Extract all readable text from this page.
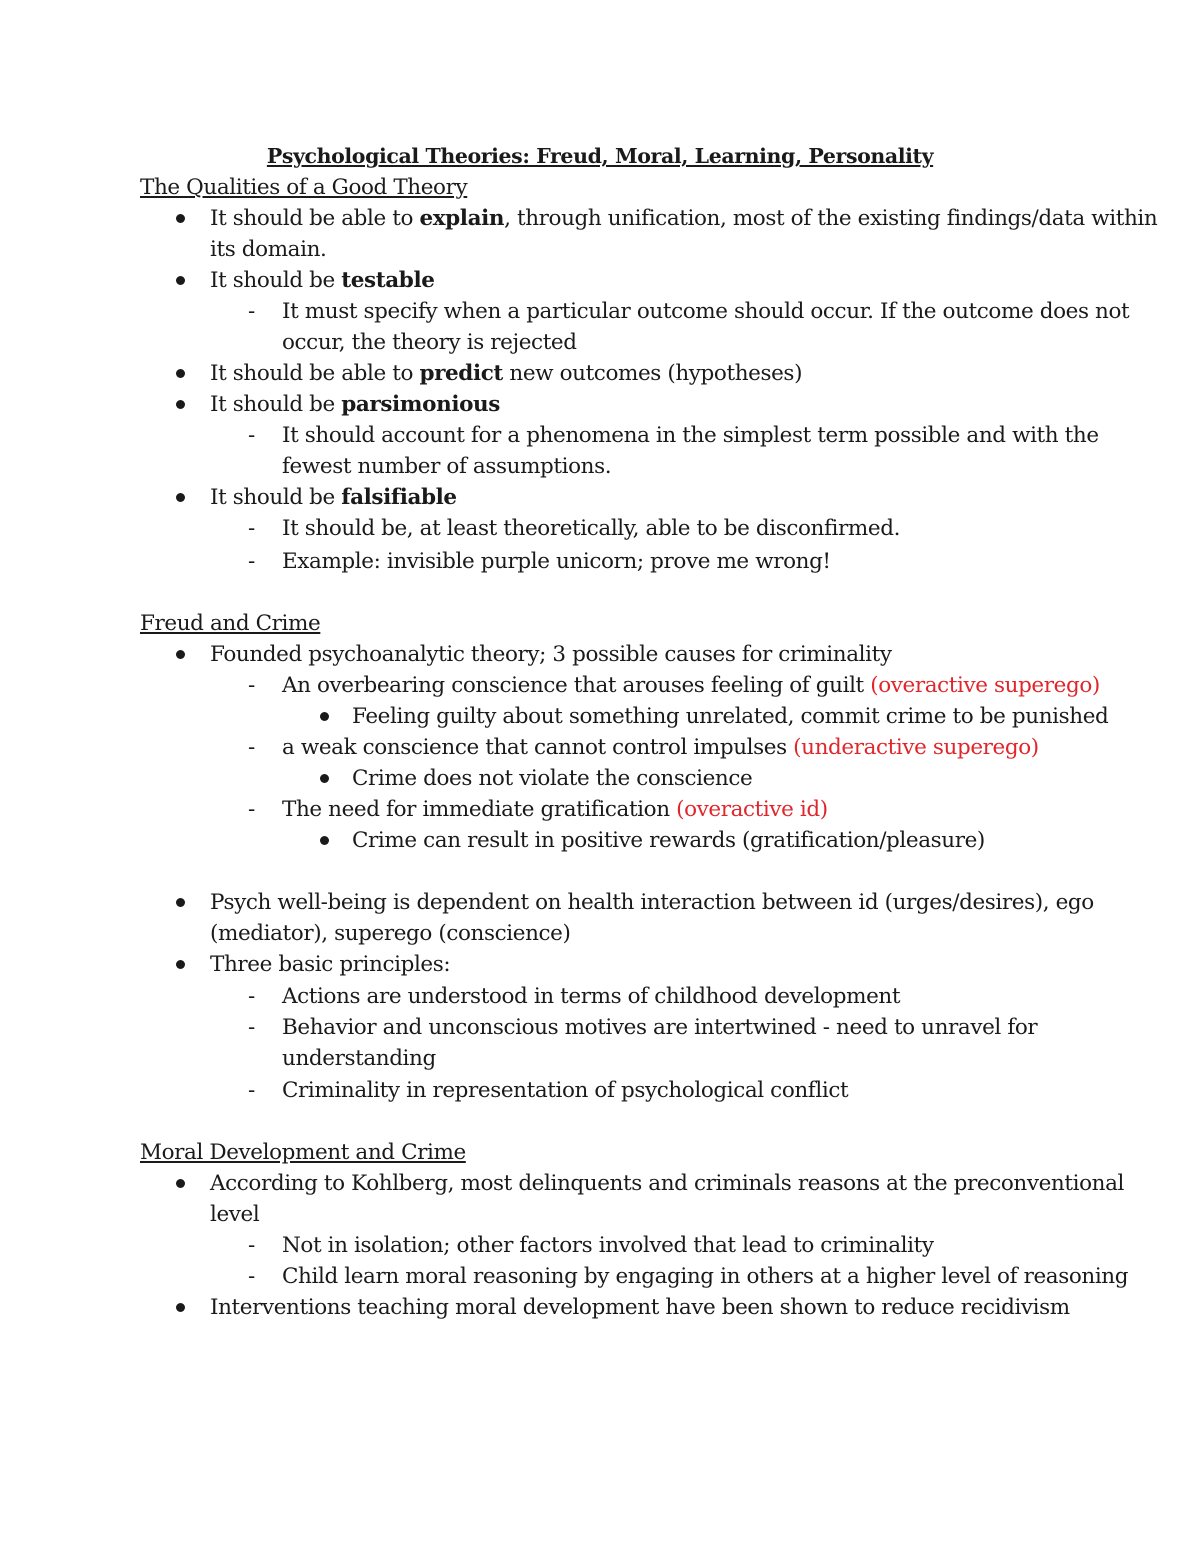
Psychological Theories: Freud, Moral, Learning, Personality
The Qualities of a Good Theory
It should be able to explain, through unification, most of the existing findings/data within
its domain.
It should be testable
- It must specify when a particular outcome should occur. If the outcome does not
occur, the theory is rejected
It should be able to predict new outcomes (hypotheses)
It should be parsimonious
- It should account for a phenomena in the simplest term possible and with the
fewest number of assumptions.
It should be falsifiable
- It should be, at least theoretically, able to be disconfirmed.
- Example: invisible purple unicorn; prove me wrong!
Freud and Crime
Founded psychoanalytic theory; 3 possible causes for criminality
- An overbearing conscience that arouses feeling of guilt (overactive superego)
Feeling guilty about something unrelated, commit crime to be punished
- a weak conscience that cannot control impulses (underactive superego)
Crime does not violate the conscience
- The need for immediate gratification (overactive id)
Crime can result in positive rewards (gratification/pleasure)
Psych well-being is dependent on health interaction between id (urges/desires), ego
(mediator), superego (conscience)
Three basic principles:
- Actions are understood in terms of childhood development
- Behavior and unconscious motives are intertwined - need to unravel for
understanding
- Criminality in representation of psychological conflict
Moral Development and Crime
According to Kohlberg, most delinquents and criminals reasons at the preconventional
level
- Not in isolation; other factors involved that lead to criminality
- Child learn moral reasoning by engaging in others at a higher level of reasoning
Interventions teaching moral development have been shown to reduce recidivism
